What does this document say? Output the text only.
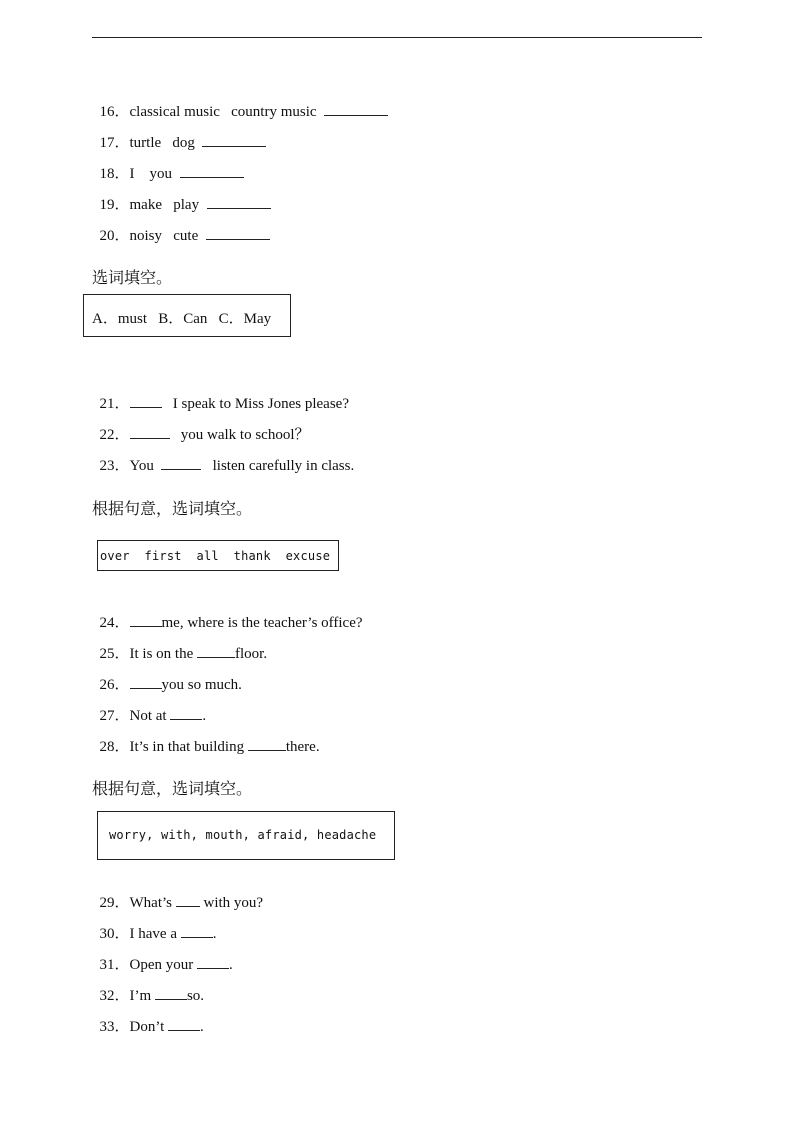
16．classical music   country music

17．turtle   dog

18．I    you

19．make   play

20．noisy   cute

选词填空。
A．must   B．Can   C．May

21．   I speak to Miss Jones please?

22．	you walk to school？

23．You	listen carefully in class.

根据句意，选词填空。
over  first  all  thank  excuse

24． me, where is the teacher’s office?

25．It is on the	floor.

26． you so much.

27．Not at .

28．It’s in that building	there.

根据句意，选词填空。
worry, with, mouth, afraid, headache

29．What’s  with you?

30．I have a .

31．Open your .

32．I’m so.

33．Don’t .
